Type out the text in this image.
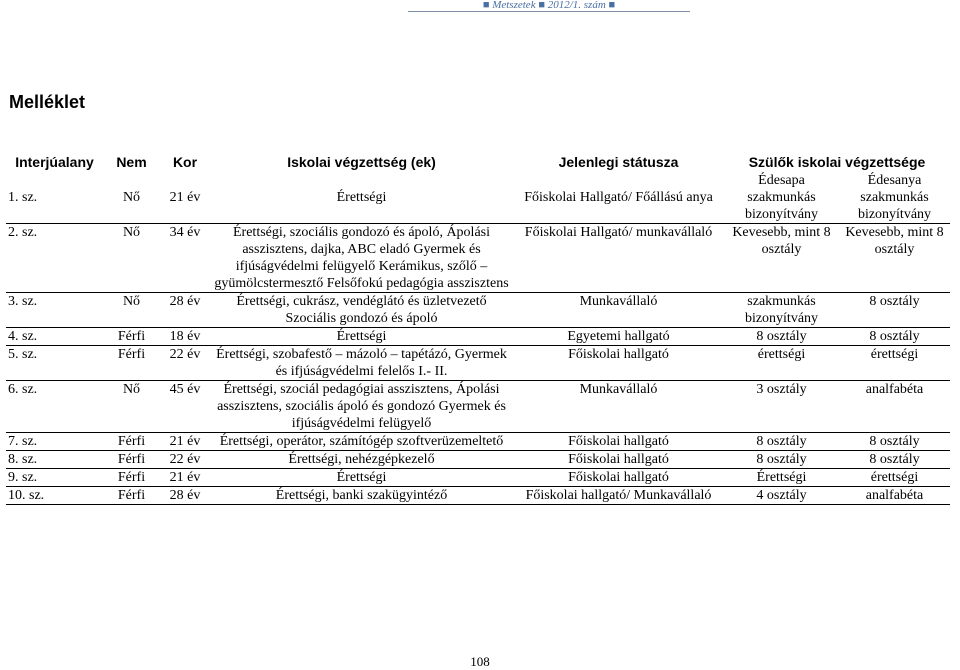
■ Metszetek ■ 2012/1. szám ■
Melléklet
Interjúalany	Nem	Kor	Iskolai végzettség (ek)	Jelenlegi státusza	Szülők iskolai végzettsége	
					Édesapa	Édesanya
1. sz.	Nő	21 év	Érettségi	Főiskolai Hallgató/ Főállású anya	szakmunkás bizonyítvány	szakmunkás bizonyítvány
2. sz.	Nő	34 év	Érettségi, szociális gondozó és ápoló, Ápolási asszisztens, dajka, ABC eladó Gyermek és ifjúságvédelmi felügyelő Kerámikus, szőlő – gyümölcstermesztő Felsőfokú pedagógia asszisztens	Főiskolai Hallgató/ munkavállaló	Kevesebb, mint 8 osztály	Kevesebb, mint 8 osztály
3. sz.	Nő	28 év	Érettségi, cukrász, vendéglátó és üzletvezető Szociális gondozó és ápoló	Munkavállaló	szakmunkás bizonyítvány	8 osztály
4. sz.	Férfi	18 év	Érettségi	Egyetemi hallgató	8 osztály	8 osztály
5. sz.	Férfi	22 év	Érettségi, szobafestő – mázoló – tapétázó, Gyermek és ifjúságvédelmi felelős I.- II.	Főiskolai hallgató	érettségi	érettségi
6. sz.	Nő	45 év	Érettségi, szociál pedagógiai asszisztens, Ápolási asszisztens, szociális ápoló és gondozó Gyermek és ifjúságvédelmi felügyelő	Munkavállaló	3 osztály	analfabéta
7. sz.	Férfi	21 év	Érettségi, operátor, számítógép szoftverüzemeltető	Főiskolai hallgató	8 osztály	8 osztály
8. sz.	Férfi	22 év	Érettségi, nehézgépkezelő	Főiskolai hallgató	8 osztály	8 osztály
9. sz.	Férfi	21 év	Érettségi	Főiskolai hallgató	Érettségi	érettségi
10. sz.	Férfi	28 év	Érettségi, banki szakügyintéző	Főiskolai hallgató/ Munkavállaló	4 osztály	analfabéta
108
